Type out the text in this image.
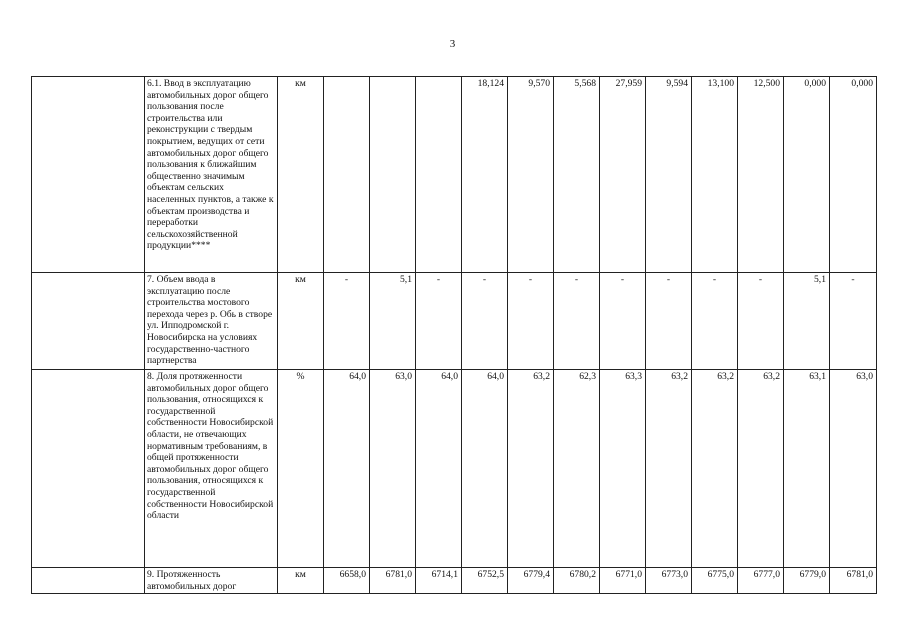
3
	6.1. Ввод в эксплуатацию автомобильных дорог общего пользования после строительства или реконструкции с твердым покрытием, ведущих от сети автомобильных дорог общего пользования к ближайшим общественно значимым объектам сельских населенных пунктов, а также к объектам производства и переработки сельскохозяйственной продукции****	км				18,124	9,570	5,568	27,959	9,594	13,100	12,500	0,000	0,000
	7. Объем ввода в эксплуатацию после строительства мостового перехода через р. Обь в створе ул. Ипподромской г. Новосибирска на условиях государственно-частного партнерства	км	-	5,1	-	-	-	-	-	-	-	-	5,1	-
	8. Доля протяженности автомобильных дорог общего пользования, относящихся к государственной собственности Новосибирской области, не отвечающих нормативным требованиям, в общей протяженности автомобильных дорог общего пользования, относящихся к государственной собственности Новосибирской области	%	64,0	63,0	64,0	64,0	63,2	62,3	63,3	63,2	63,2	63,2	63,1	63,0

	9. Протяженность автомобильных дорог	км	6658,0	6781,0	6714,1	6752,5	6779,4	6780,2	6771,0	6773,0	6775,0	6777,0	6779,0	6781,0
